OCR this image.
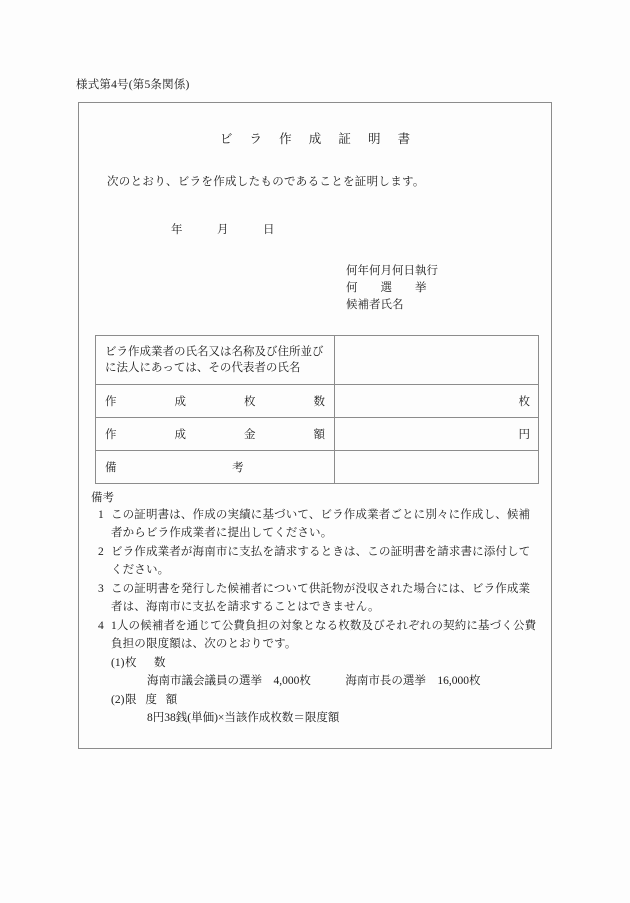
様式第4号(第5条関係)
ビ ラ 作 成 証 明 書
次のとおり、ビラを作成したものであることを証明します。
年　　　月　　　日
何年何月何日執行
何　　選　　挙
候補者氏名
ビラ作成業者の氏名又は名称及び住所並びに法人にあっては、その代表者の氏名	

作 成 枚 数	枚

作 成 金 額	円

備 考	

備考
1 この証明書は、作成の実績に基づいて、ビラ作成業者ごとに別々に作成し、候補者からビラ作成業者に提出してください。
2 ビラ作成業者が海南市に支払を請求するときは、この証明書を請求書に添付してください。
3 この証明書を発行した候補者について供託物が没収された場合には、ビラ作成業者は、海南市に支払を請求することはできません。
4 1人の候補者を通じて公費負担の対象となる枚数及びそれぞれの契約に基づく公費負担の限度額は、次のとおりです。
(1) 枚　数
海南市議会議員の選挙　4,000枚　　　海南市長の選挙　16,000枚
(2) 限 度 額
8円38銭(単価)×当該作成枚数＝限度額
